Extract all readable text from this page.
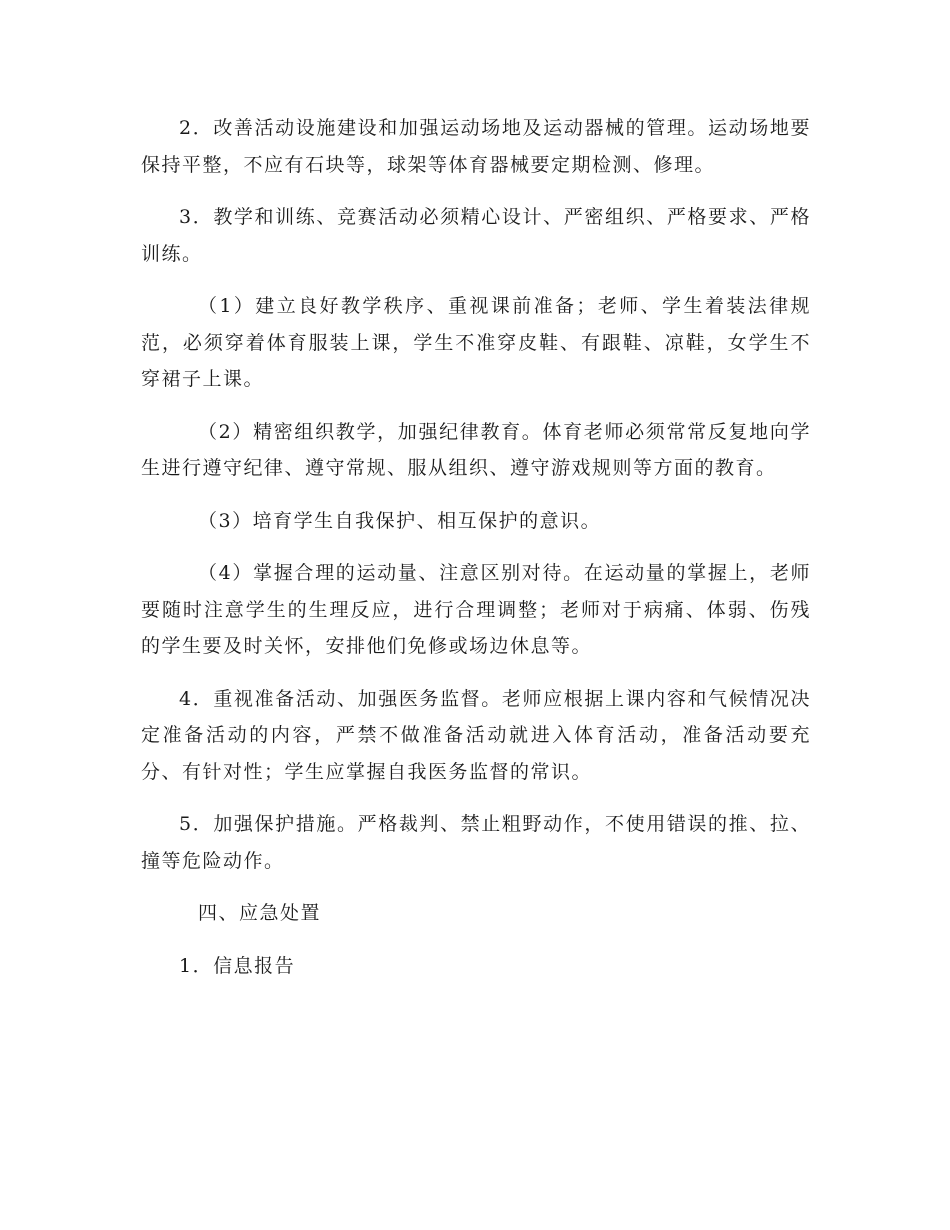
2．改善活动设施建设和加强运动场地及运动器械的管理。运动场地要保持平整，不应有石块等，球架等体育器械要定期检测、修理。

3．教学和训练、竞赛活动必须精心设计、严密组织、严格要求、严格训练。

（1）建立良好教学秩序、重视课前准备；老师、学生着装法律规范，必须穿着体育服装上课，学生不准穿皮鞋、有跟鞋、凉鞋，女学生不穿裙子上课。

（2）精密组织教学，加强纪律教育。体育老师必须常常反复地向学生进行遵守纪律、遵守常规、服从组织、遵守游戏规则等方面的教育。

（3）培育学生自我保护、相互保护的意识。

（4）掌握合理的运动量、注意区别对待。在运动量的掌握上，老师要随时注意学生的生理反应，进行合理调整；老师对于病痛、体弱、伤残的学生要及时关怀，安排他们免修或场边休息等。

4．重视准备活动、加强医务监督。老师应根据上课内容和气候情况决定准备活动的内容，严禁不做准备活动就进入体育活动，准备活动要充分、有针对性；学生应掌握自我医务监督的常识。

5．加强保护措施。严格裁判、禁止粗野动作，不使用错误的推、拉、撞等危险动作。

四、应急处置

1．信息报告
